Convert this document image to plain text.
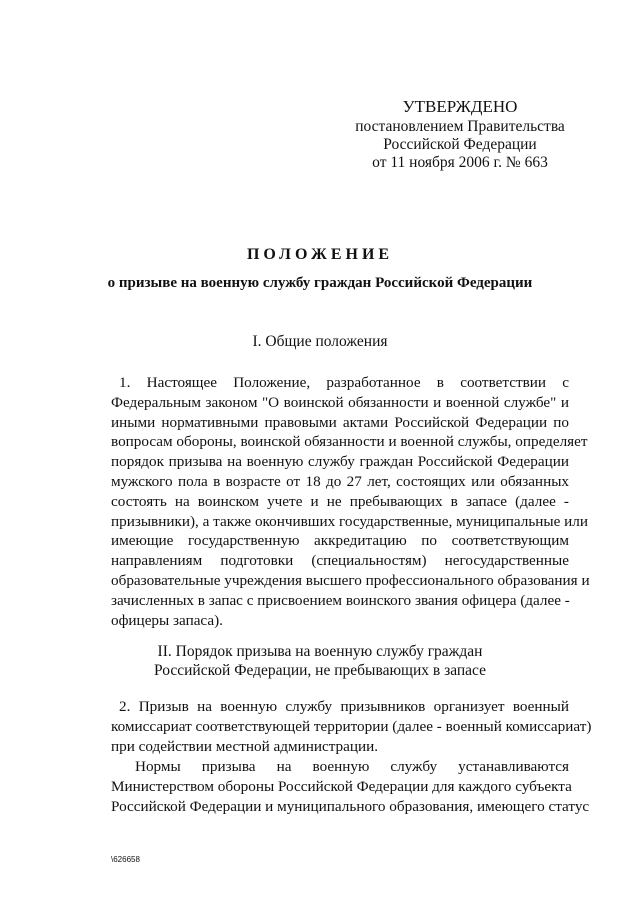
УТВЕРЖДЕНО
постановлением Правительства
Российской Федерации
от 11 ноября 2006 г. № 663
ПОЛОЖЕНИЕ
о призыве на военную службу граждан Российской Федерации
I. Общие положения
1. Настоящее Положение, разработанное в соответствии с
Федеральным законом "О воинской обязанности и военной службе" и
иными нормативными правовыми актами Российской Федерации по
вопросам обороны, воинской обязанности и военной службы, определяет
порядок призыва на военную службу граждан Российской Федерации
мужского пола в возрасте от 18 до 27 лет, состоящих или обязанных
состоять на воинском учете и не пребывающих в запасе (далее -
призывники), а также окончивших государственные, муниципальные или
имеющие государственную аккредитацию по соответствующим
направлениям подготовки (специальностям) негосударственные
образовательные учреждения высшего профессионального образования и
зачисленных в запас с присвоением воинского звания офицера (далее -
офицеры запаса).
II. Порядок призыва на военную службу граждан
Российской Федерации, не пребывающих в запасе
2. Призыв на военную службу призывников организует военный
комиссариат соответствующей территории (далее - военный комиссариат)
при содействии местной администрации.
Нормы призыва на военную службу устанавливаются
Министерством обороны Российской Федерации для каждого субъекта
Российской Федерации и муниципального образования, имеющего статус
\626658
